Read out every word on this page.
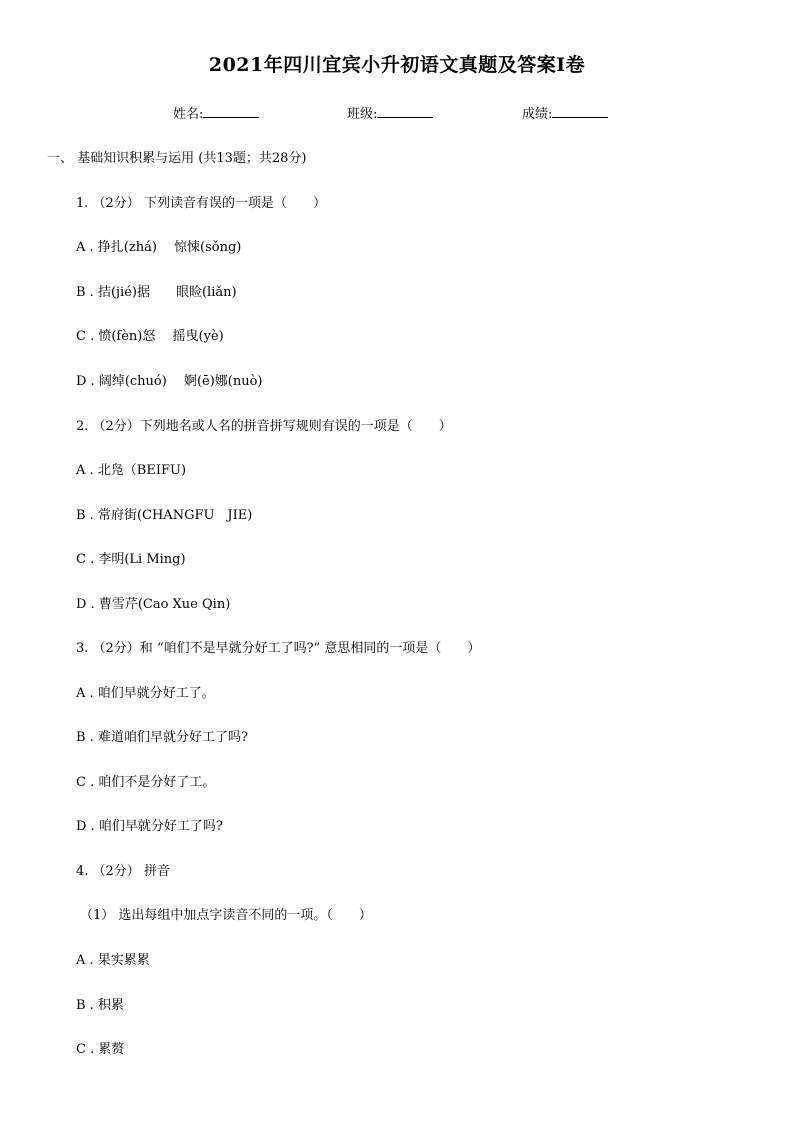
2021年四川宜宾小升初语文真题及答案Ⅰ卷
姓名:	班级:	成绩:
一、 基础知识积累与运用 (共13题；共28分)
1. （2分） 下列读音有误的一项是（　　）
A . 挣扎(zhá)　 惊悚(sǒng)
B . 拮(jié)据　　眼睑(liǎn)
C . 愤(fèn)怒　 摇曳(yè)
D . 阔绰(chuó)　 婀(ē)娜(nuò)
2. （2分）下列地名或人名的拼音拼写规则有误的一项是（　　）
A . 北凫（BEIFU)
B . 常府街(CHANGFU　JIE)
C . 李明(Li Ming)
D . 曹雪芹(Cao Xue Qin)
3. （2分）和 “咱们不是早就分好工了吗?” 意思相同的一项是（　　）
A . 咱们早就分好工了。
B . 难道咱们早就分好工了吗?
C . 咱们不是分好了工。
D . 咱们早就分好工了吗?
4. （2分） 拼音
（1） 选出每组中加点字读音不同的一项。（　　）
A . 果实累累
B . 积累
C . 累赘
